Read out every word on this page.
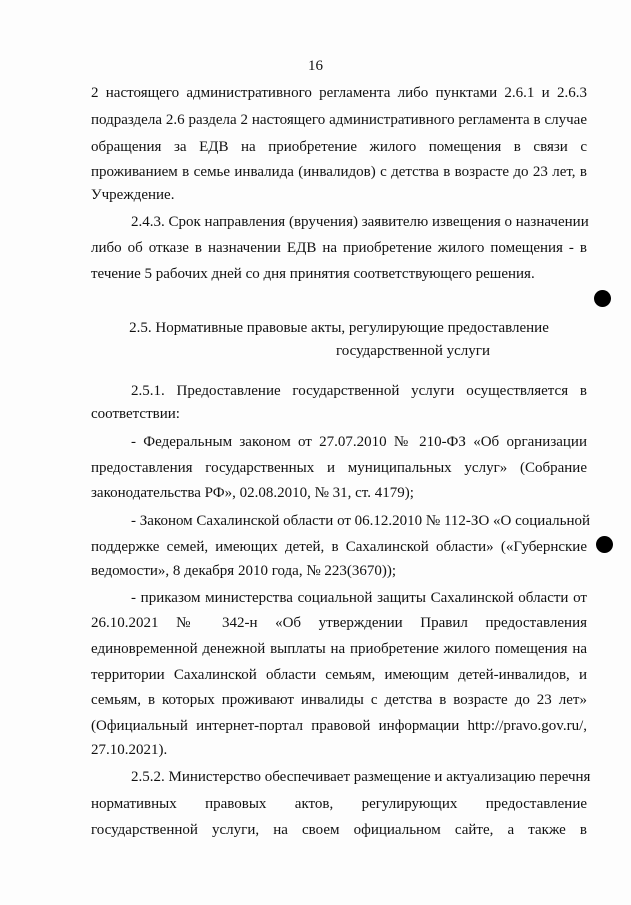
16
2 настоящего административного регламента либо пунктами 2.6.1 и 2.6.3
подраздела 2.6 раздела 2 настоящего административного регламента в случае
обращения за ЕДВ на приобретение жилого помещения в связи с
проживанием в семье инвалида (инвалидов) с детства в возрасте до 23 лет, в
Учреждение.
2.4.3. Срок направления (вручения) заявителю извещения о назначении
либо об отказе в назначении ЕДВ на приобретение жилого помещения - в
течение 5 рабочих дней со дня принятия соответствующего решения.
2.5. Нормативные правовые акты, регулирующие предоставление
государственной услуги
2.5.1. Предоставление государственной услуги осуществляется в
соответствии:
- Федеральным законом от 27.07.2010 № 210-ФЗ «Об организации
предоставления государственных и муниципальных услуг» (Собрание
законодательства РФ», 02.08.2010, № 31, ст. 4179);
- Законом Сахалинской области от 06.12.2010 № 112-ЗО «О социальной
поддержке семей, имеющих детей, в Сахалинской области» («Губернские
ведомости», 8 декабря 2010 года, № 223(3670));
- приказом министерства социальной защиты Сахалинской области от
26.10.2021 № 342-н «Об утверждении Правил предоставления
единовременной денежной выплаты на приобретение жилого помещения на
территории Сахалинской области семьям, имеющим детей-инвалидов, и
семьям, в которых проживают инвалиды с детства в возрасте до 23 лет»
(Официальный интернет-портал правовой информации http://pravo.gov.ru/,
27.10.2021).
2.5.2. Министерство обеспечивает размещение и актуализацию перечня
нормативных правовых актов, регулирующих предоставление
государственной услуги, на своем официальном сайте, а также в
